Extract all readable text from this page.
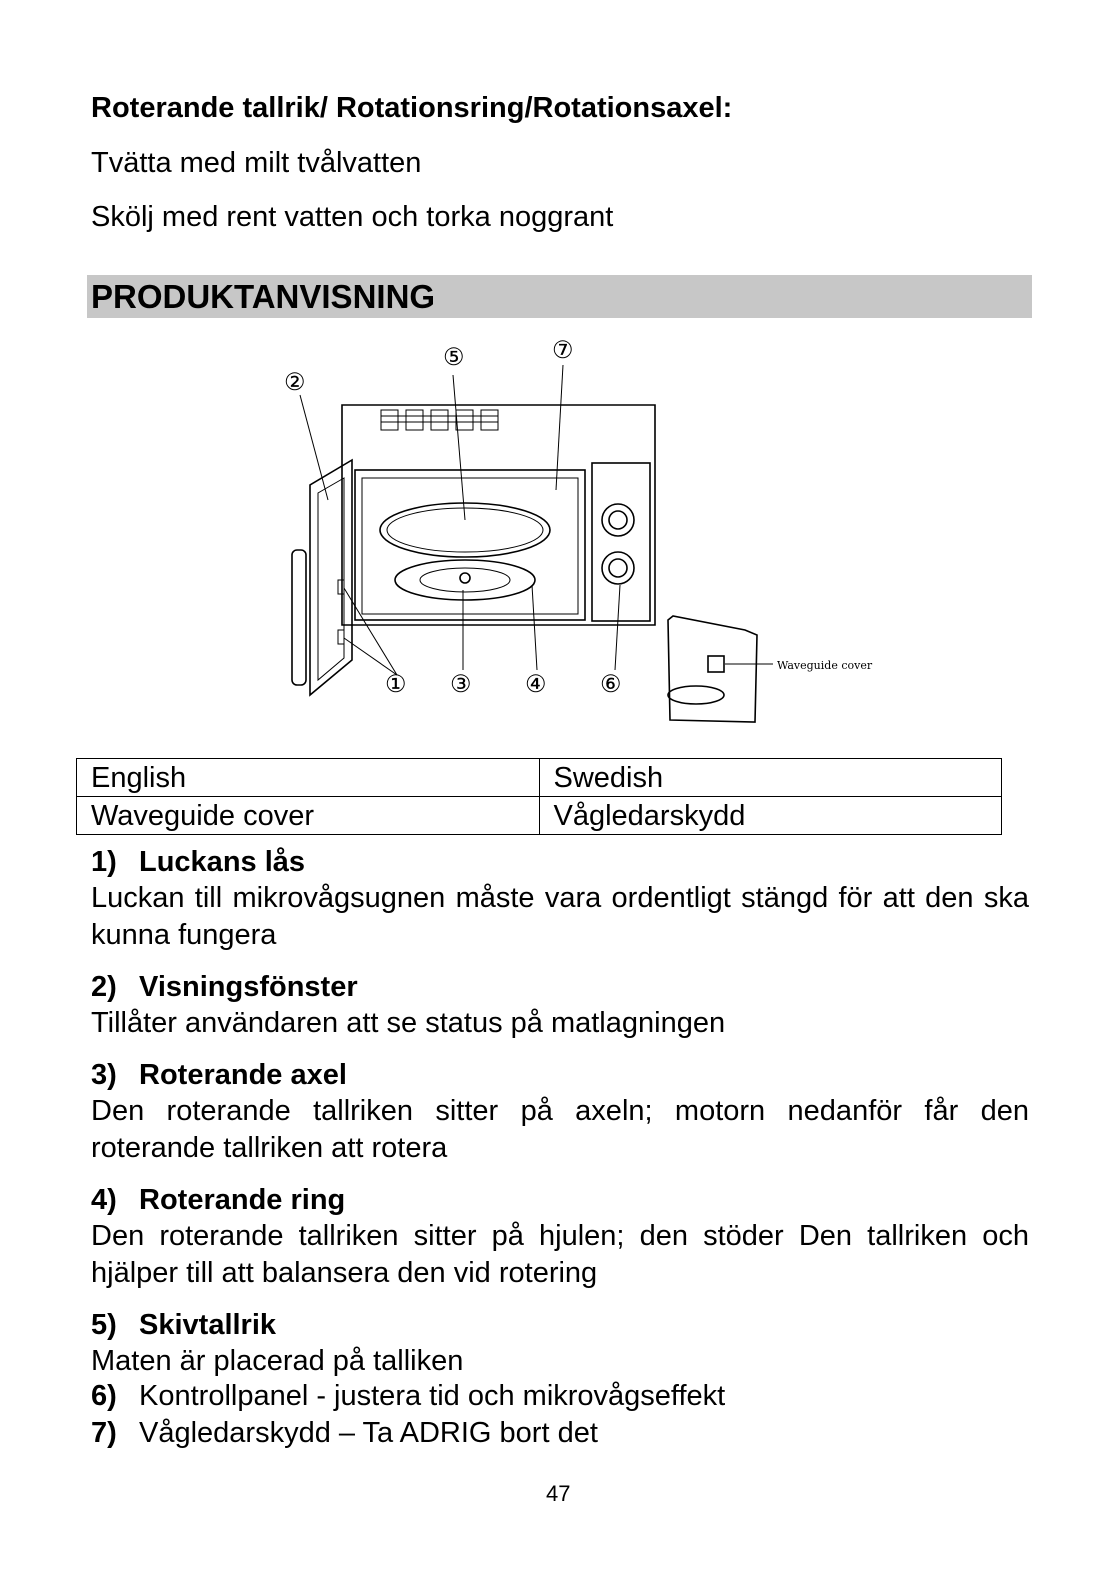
Roterande tallrik/ Rotationsring/Rotationsaxel:
Tvätta med milt tvålvatten
Skölj med rent vatten och torka noggrant
PRODUKTANVISNING
①
②
③ ④
⑤
⑥
⑦
Waveguide cover
English	Swedish
Waveguide cover	Vågledarskydd
1) Luckans lås
Luckan till mikrovågsugnen måste vara ordentligt stängd för att den ska kunna fungera
2) Visningsfönster
Tillåter användaren att se status på matlagningen
3) Roterande axel
Den roterande tallriken sitter på axeln; motorn nedanför får den roterande tallriken att rotera
4) Roterande ring
Den roterande tallriken sitter på hjulen; den stöder Den tallriken och hjälper till att balansera den vid rotering
5) Skivtallrik
Maten är placerad på talliken
6) Kontrollpanel - justera tid och mikrovågseffekt
7) Vågledarskydd – Ta ADRIG bort det
47
